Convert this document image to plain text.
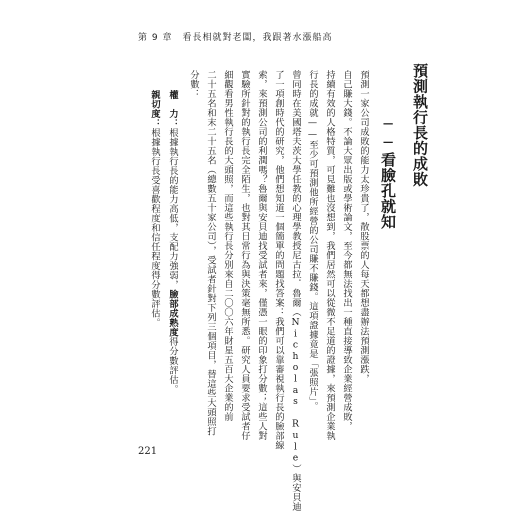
第 9 章　看長相就對老闆，我跟著水漲船高
預測執行長的成敗
──看臉孔就知
預測一家公司成敗的能力太珍貴了，散股票的人每天都想盡辦法預測漲跌，
自己賺大錢。不論大眾出版或學術論文，至今都無法找出一種直接導致企業經營成敗，
持續有效的人格特質，可見難也沒想到，我們居然可以從微不足道的證據，來預測企業執
行長的成就——至少可預測他所經營的公司賺不賺錢。這項證據竟是「張照片」。
曾同時在美國塔夫茨大學任教的心理學教授尼古拉．魯爾（Nicholas Rule）與安貝迪
了一項創時代的研究，他們想知道一個簡單的問題找答案：我們可以靠審視執行長的臉部線
索，來預測公司的利潤嗎？魯爾與安貝迪找受試者來，僅憑一眼的印象打分數；這些人對
實驗所針對的執行長完全陌生，也對其日常行為與決策毫無所悉。研究人員要求受試者仔
細觀看男性執行長的大頭照，而這些執行長分別來自二〇〇六年財星五百大企業的前
二十五名和末二十五名（總數五十家公司），受試者針對下列三個項目，替這些大頭照打
分數：
權　力：根據執行長的能力高低，支配力強弱，臉部成熟度得分數評估。
親切度：根據執行長受喜歡程度和信任程度得分數評估。
221
